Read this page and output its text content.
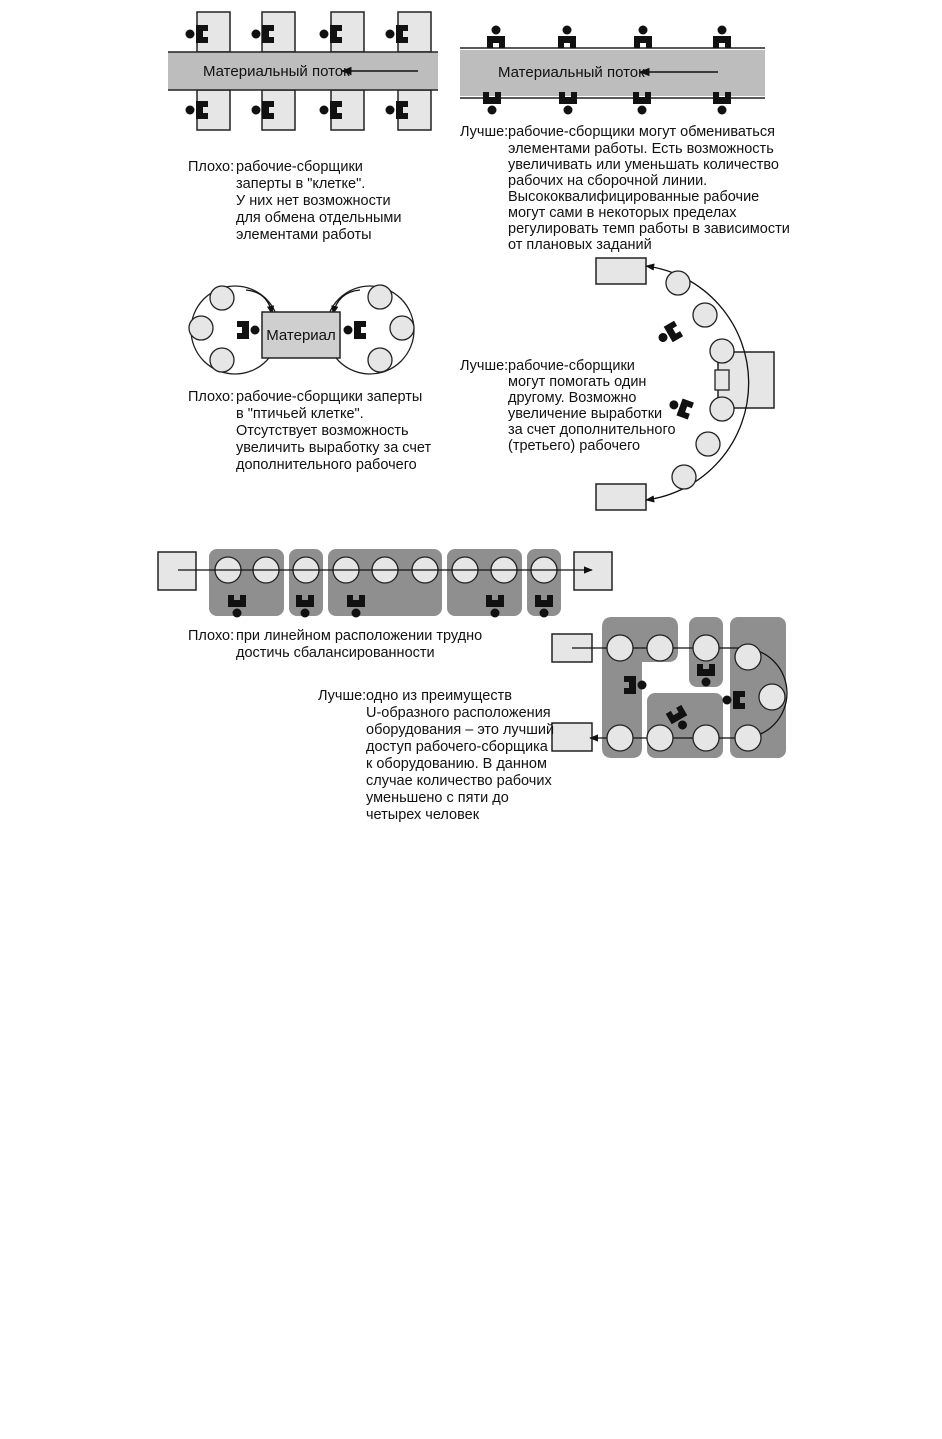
Материальный поток
Плохо: рабочие-сборщики
заперты в "клетке".
У них нет возможности
для обмена отдельными
элементами работы
Материальный поток
Лучше: рабочие-сборщики могут обмениваться
элементами работы. Есть возможность
увеличивать или уменьшать количество
рабочих на сборочной линии.
Высококвалифицированные рабочие
могут сами в некоторых пределах
регулировать темп работы в зависимости
от плановых заданий
Материал
Плохо: рабочие-сборщики заперты
в "птичьей клетке".
Отсутствует возможность
увеличить выработку за счет
дополнительного рабочего
Лучше: рабочие-сборщики
могут помогать один
другому. Возможно
увеличение выработки
за счет дополнительного
(третьего) рабочего
Плохо: при линейном расположении трудно
достичь сбалансированности
Лучше: одно из преимуществ
U-образного расположения
оборудования – это лучший
доступ рабочего-сборщика
к оборудованию. В данном
случае количество рабочих
уменьшено с пяти до
четырех человек
